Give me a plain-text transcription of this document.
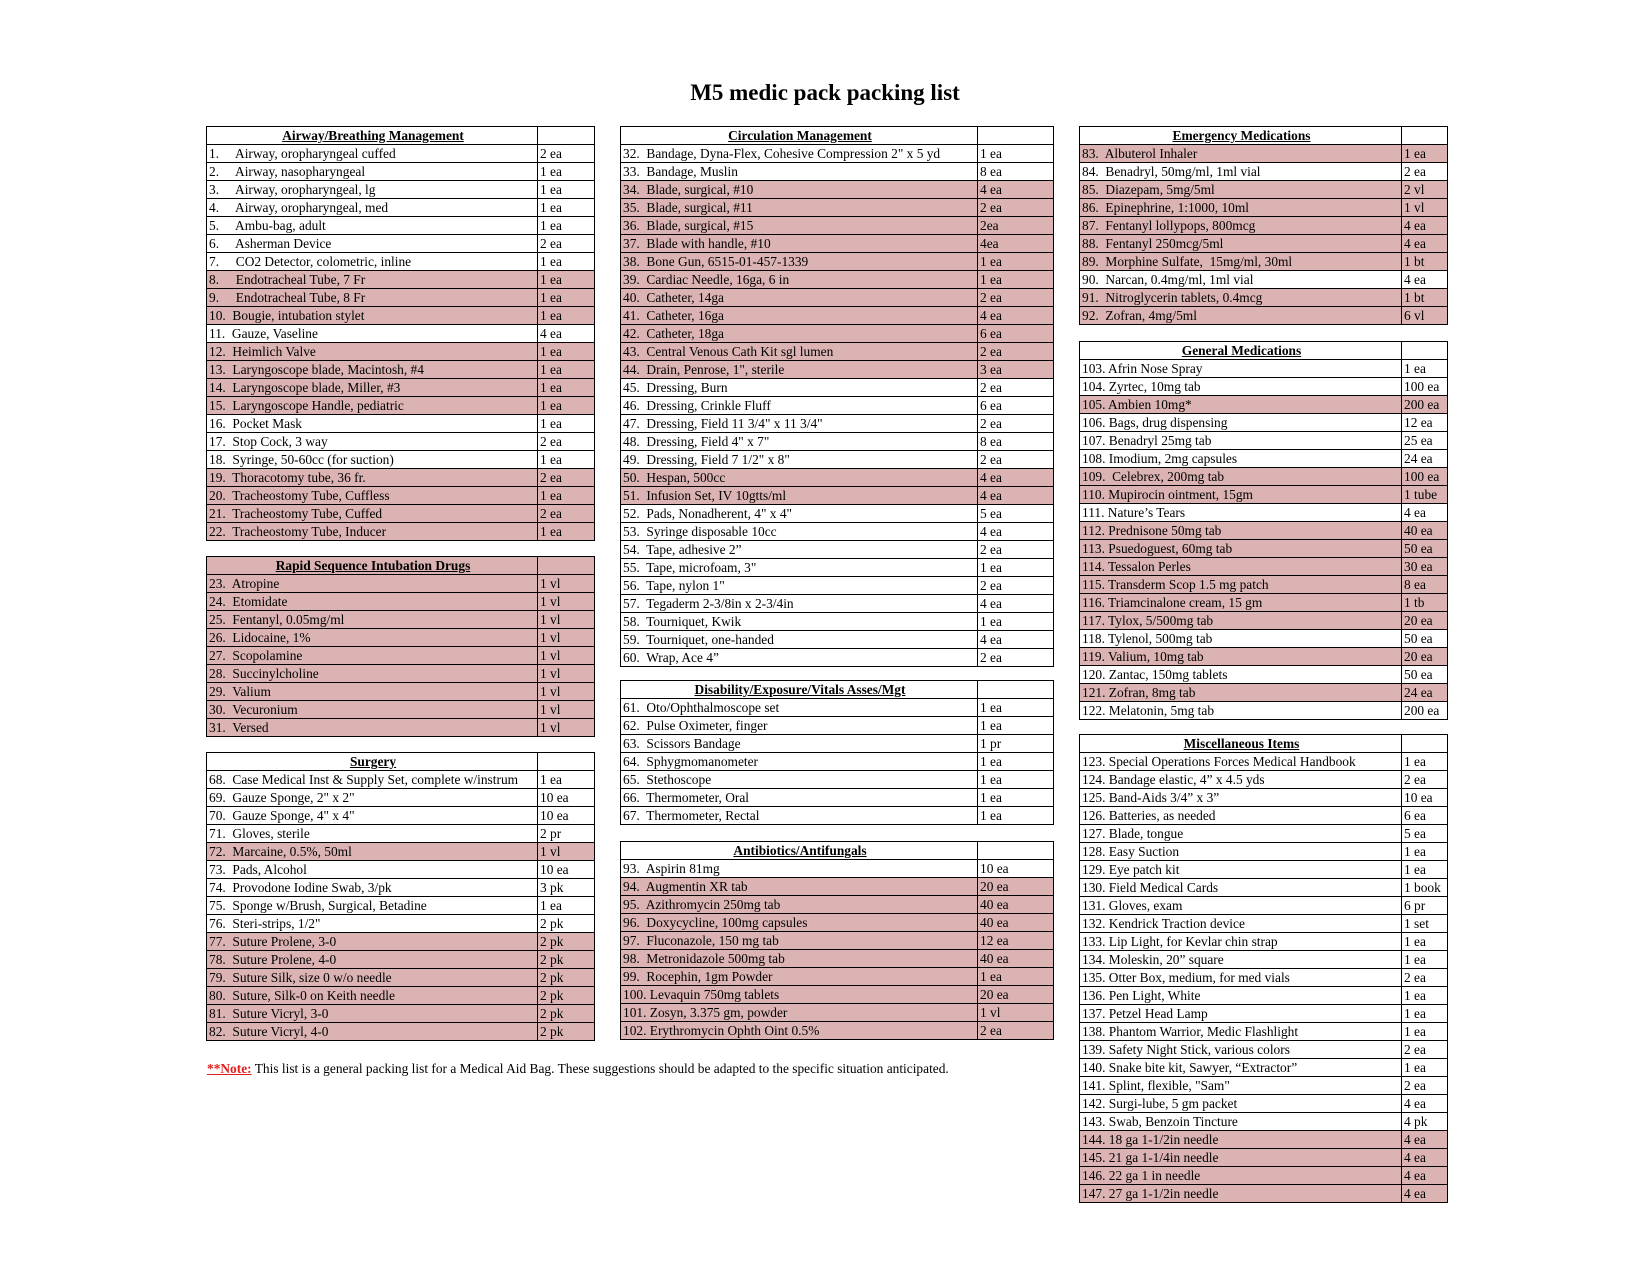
M5 medic pack packing list
Airway/Breathing Management	
1.     Airway, oropharyngeal cuffed	2 ea
2.     Airway, nasopharyngeal	1 ea
3.     Airway, oropharyngeal, lg	1 ea
4.     Airway, oropharyngeal, med	1 ea
5.     Ambu-bag, adult	1 ea
6.     Asherman Device	2 ea
7.     CO2 Detector, colometric, inline	1 ea
8.     Endotracheal Tube, 7 Fr	1 ea
9.     Endotracheal Tube, 8 Fr	1 ea
10.  Bougie, intubation stylet	1 ea
11.  Gauze, Vaseline	4 ea
12.  Heimlich Valve	1 ea
13.  Laryngoscope blade, Macintosh, #4	1 ea
14.  Laryngoscope blade, Miller, #3	1 ea
15.  Laryngoscope Handle, pediatric	1 ea
16.  Pocket Mask	1 ea
17.  Stop Cock, 3 way	2 ea
18.  Syringe, 50-60cc (for suction)	1 ea
19.  Thoracotomy tube, 36 fr.	2 ea
20.  Tracheostomy Tube, Cuffless	1 ea
21.  Tracheostomy Tube, Cuffed	2 ea
22.  Tracheostomy Tube, Inducer	1 ea
Rapid Sequence Intubation Drugs	
23.  Atropine	1 vl
24.  Etomidate	1 vl
25.  Fentanyl, 0.05mg/ml	1 vl
26.  Lidocaine, 1%	1 vl
27.  Scopolamine	1 vl
28.  Succinylcholine	1 vl
29.  Valium	1 vl
30.  Vecuronium	1 vl
31.  Versed	1 vl
Surgery	
68.  Case Medical Inst & Supply Set, complete w/instrum	1 ea
69.  Gauze Sponge, 2" x 2"	10 ea
70.  Gauze Sponge, 4" x 4"	10 ea
71.  Gloves, sterile	2 pr
72.  Marcaine, 0.5%, 50ml	1 vl
73.  Pads, Alcohol	10 ea
74.  Provodone Iodine Swab, 3/pk	3 pk
75.  Sponge w/Brush, Surgical, Betadine	1 ea
76.  Steri-strips, 1/2"	2 pk
77.  Suture Prolene, 3-0	2 pk
78.  Suture Prolene, 4-0	2 pk
79.  Suture Silk, size 0 w/o needle	2 pk
80.  Suture, Silk-0 on Keith needle	2 pk
81.  Suture Vicryl, 3-0	2 pk
82.  Suture Vicryl, 4-0	2 pk
Circulation Management	
32.  Bandage, Dyna-Flex, Cohesive Compression 2" x 5 yd	1 ea
33.  Bandage, Muslin	8 ea
34.  Blade, surgical, #10	4 ea
35.  Blade, surgical, #11	2 ea
36.  Blade, surgical, #15	2ea
37.  Blade with handle, #10	4ea
38.  Bone Gun, 6515-01-457-1339	1 ea
39.  Cardiac Needle, 16ga, 6 in	1 ea
40.  Catheter, 14ga	2 ea
41.  Catheter, 16ga	4 ea
42.  Catheter, 18ga	6 ea
43.  Central Venous Cath Kit sgl lumen	2 ea
44.  Drain, Penrose, 1", sterile	3 ea
45.  Dressing, Burn	2 ea
46.  Dressing, Crinkle Fluff	6 ea
47.  Dressing, Field 11 3/4" x 11 3/4"	2 ea
48.  Dressing, Field 4" x 7"	8 ea
49.  Dressing, Field 7 1/2" x 8"	2 ea
50.  Hespan, 500cc	4 ea
51.  Infusion Set, IV 10gtts/ml	4 ea
52.  Pads, Nonadherent, 4" x 4"	5 ea
53.  Syringe disposable 10cc	4 ea
54.  Tape, adhesive 2”	2 ea
55.  Tape, microfoam, 3"	1 ea
56.  Tape, nylon 1"	2 ea
57.  Tegaderm 2-3/8in x 2-3/4in	4 ea
58.  Tourniquet, Kwik	1 ea
59.  Tourniquet, one-handed	4 ea
60.  Wrap, Ace 4”	2 ea
Disability/Exposure/Vitals Asses/Mgt	
61.  Oto/Ophthalmoscope set	1 ea
62.  Pulse Oximeter, finger	1 ea
63.  Scissors Bandage	1 pr
64.  Sphygmomanometer	1 ea
65.  Stethoscope	1 ea
66.  Thermometer, Oral	1 ea
67.  Thermometer, Rectal	1 ea
Antibiotics/Antifungals	
93.  Aspirin 81mg	10 ea
94.  Augmentin XR tab	20 ea
95.  Azithromycin 250mg tab	40 ea
96.  Doxycycline, 100mg capsules	40 ea
97.  Fluconazole, 150 mg tab	12 ea
98.  Metronidazole 500mg tab	40 ea
99.  Rocephin, 1gm Powder	1 ea
100. Levaquin 750mg tablets	20 ea
101. Zosyn, 3.375 gm, powder	1 vl
102. Erythromycin Ophth Oint 0.5%	2 ea
Emergency Medications	
83.  Albuterol Inhaler	1 ea
84.  Benadryl, 50mg/ml, 1ml vial	2 ea
85.  Diazepam, 5mg/5ml	2 vl
86.  Epinephrine, 1:1000, 10ml	1 vl
87.  Fentanyl lollypops, 800mcg	4 ea
88.  Fentanyl 250mcg/5ml	4 ea
89.  Morphine Sulfate,  15mg/ml, 30ml	1 bt
90.  Narcan, 0.4mg/ml, 1ml vial	4 ea
91.  Nitroglycerin tablets, 0.4mcg	1 bt
92.  Zofran, 4mg/5ml	6 vl
General Medications	
103. Afrin Nose Spray	1 ea
104. Zyrtec, 10mg tab	100 ea
105. Ambien 10mg*	200 ea
106. Bags, drug dispensing	12 ea
107. Benadryl 25mg tab	25 ea
108. Imodium, 2mg capsules	24 ea
109.  Celebrex, 200mg tab	100 ea
110. Mupirocin ointment, 15gm	1 tube
111. Nature’s Tears	4 ea
112. Prednisone 50mg tab	40 ea
113. Psuedoguest, 60mg tab	50 ea
114. Tessalon Perles	30 ea
115. Transderm Scop 1.5 mg patch	8 ea
116. Triamcinalone cream, 15 gm	1 tb
117. Tylox, 5/500mg tab	20 ea
118. Tylenol, 500mg tab	50 ea
119. Valium, 10mg tab	20 ea
120. Zantac, 150mg tablets	50 ea
121. Zofran, 8mg tab	24 ea
122. Melatonin, 5mg tab	200 ea
Miscellaneous Items	
123. Special Operations Forces Medical Handbook	1 ea
124. Bandage elastic, 4” x 4.5 yds	2 ea
125. Band-Aids 3/4” x 3”	10 ea
126. Batteries, as needed	6 ea
127. Blade, tongue	5 ea
128. Easy Suction	1 ea
129. Eye patch kit	1 ea
130. Field Medical Cards	1 book
131. Gloves, exam	6 pr
132. Kendrick Traction device	1 set
133. Lip Light, for Kevlar chin strap	1 ea
134. Moleskin, 20” square	1 ea
135. Otter Box, medium, for med vials	2 ea
136. Pen Light, White	1 ea
137. Petzel Head Lamp	1 ea
138. Phantom Warrior, Medic Flashlight	1 ea
139. Safety Night Stick, various colors	2 ea
140. Snake bite kit, Sawyer, “Extractor”	1 ea
141. Splint, flexible, "Sam"	2 ea
142. Surgi-lube, 5 gm packet	4 ea
143. Swab, Benzoin Tincture	4 pk
144. 18 ga 1-1/2in needle	4 ea
145. 21 ga 1-1/4in needle	4 ea
146. 22 ga 1 in needle	4 ea
147. 27 ga 1-1/2in needle	4 ea
**Note: This list is a general packing list for a Medical Aid Bag. These suggestions should be adapted to the specific situation anticipated.
